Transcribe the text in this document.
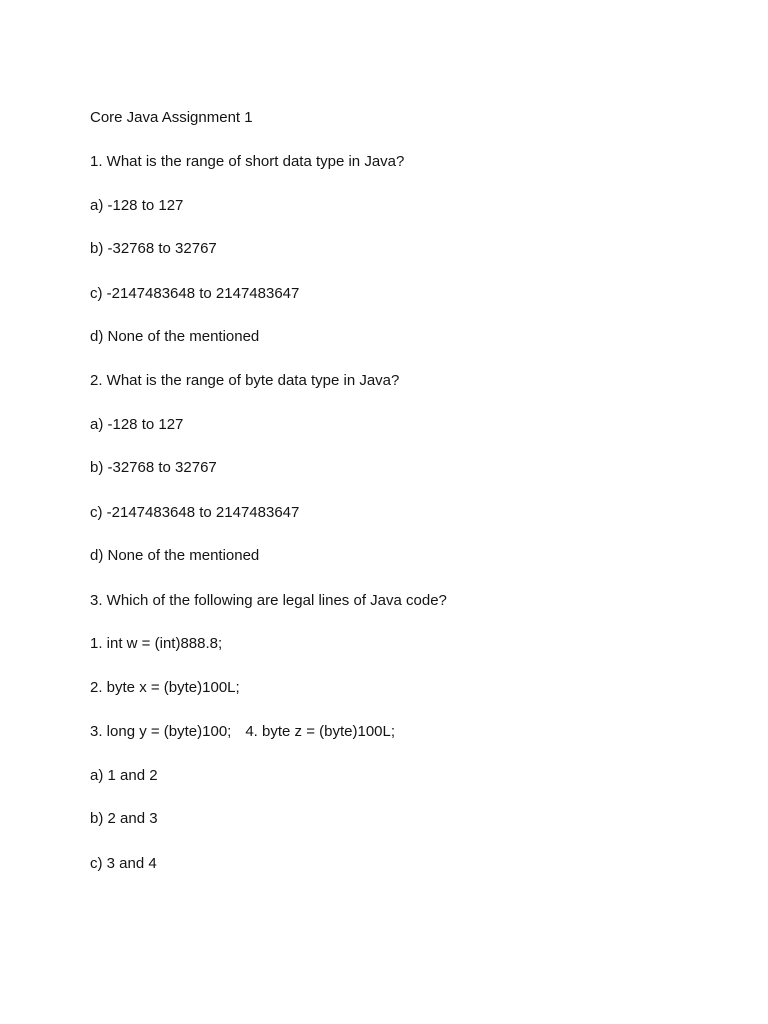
Core Java Assignment 1
1. What is the range of short data type in Java?
a) -128 to 127
b) -32768 to 32767
c) -2147483648 to 2147483647
d) None of the mentioned
2. What is the range of byte data type in Java?
a) -128 to 127
b) -32768 to 32767
c) -2147483648 to 2147483647
d) None of the mentioned
3. Which of the following are legal lines of Java code?
1. int w = (int)888.8;
2. byte x = (byte)100L;
3. long y = (byte)100; 4. byte z = (byte)100L;
a) 1 and 2
b) 2 and 3
c) 3 and 4
